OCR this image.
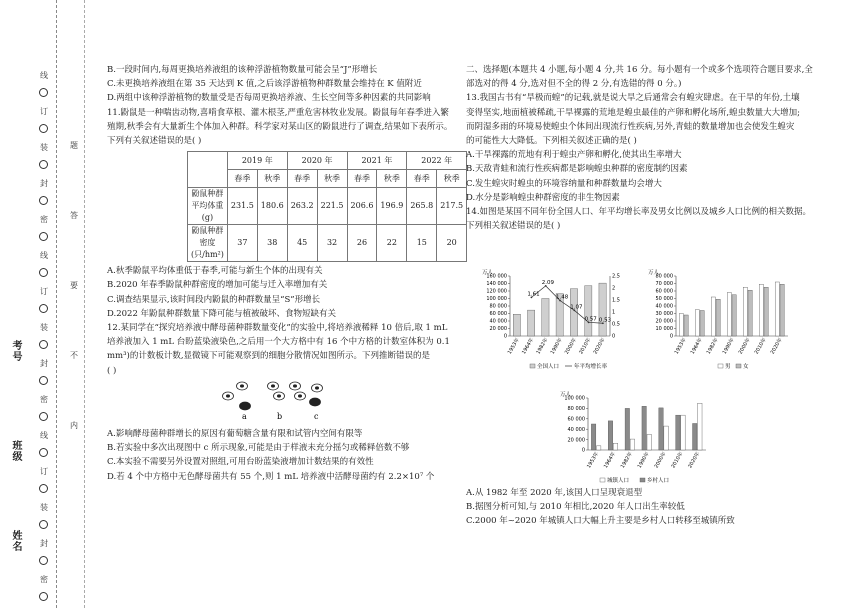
线
订
装
封
密
线
订
装
封
密
线
订
装
封
密
考号
班级
姓名
题
答
要
不
内

B.一段时间内,每周更换培养液组的该种浮游植物数量可能会呈“J”形增长

C.未更换培养液组在第 35 天达到 K 值,之后该浮游植物种群数量会维持在 K 值附近

D.两组中该种浮游植物的数量受是否每周更换培养液、生长空间等多种因素的共同影响

11.鼢鼠是一种喘齿动物,喜啃食草根、灌木根茎,严重危害林牧业发展。鼢鼠每年春季进入繁

殖期,秋季会有大量新生个体加入种群。科学家对某山区的鼢鼠进行了调查,结果如下表所示。

下列有关叙述错误的是( )

	2019 年		2020 年		2021 年		2022 年	
	春季	秋季	春季	秋季	春季	秋季	春季	秋季
鼢鼠种群
平均体重(g)	231.5	180.6	263.2	221.5	206.6	196.9	265.8	217.5
鼢鼠种群
密度(只/hm²)	37	38	45	32	26	22	15	20

A.秋季鼢鼠平均体重低于春季,可能与新生个体的出现有关

B.2020 年春季鼢鼠种群密度的增加可能与迁入率增加有关

C.调查结果显示,该时间段内鼢鼠的种群数量呈“S”形增长

D.2022 年鼢鼠种群数量下降可能与植被破坏、食物短缺有关

12.某同学在“探究培养液中酵母菌种群数量变化”的实验中,将培养液稀释 10 倍后,取 1 mL

培养液加入 1 mL 台盼蓝染液染色,之后用一个大方格中有 16 个中方格的计数室体积为 0.1

mm³)的计数板计数,显微镜下可能观察到的细胞分散情况如图所示。下列推断错误的是

( )

a	b	c

A.影响酵母菌种群增长的原因有葡萄糖含量有限和试管内空间有限等

B.若实验中多次出现图中 c 所示现象,可能是由于样液未充分摇匀或稀释倍数不够

C.本实验不需要另外设置对照组,可用台盼蓝染液增加计数结果的有效性

D.若 4 个中方格中无色酵母菌共有 55 个,则 1 mL 培养液中活酵母菌约有 2.2×10⁷ 个

二、选择题(本题共 4 小题,每小题 4 分,共 16 分。每小题有一个或多个选项符合题目要求,全

部选对的得 4 分,选对但不全的得 2 分,有选错的得 0 分。)

13.我国古书有“旱极而蝗”的记载,就是说大旱之后通常会有蝗灾肆虐。在干旱的年份,土壤

变得坚实,地面植被稀疏,干旱裸露的荒地是蝗虫最佳的产卵和孵化场所,蝗虫数量大大增加;

而阴湿多雨的环境易使蝗虫个体间出现流行性疾病,另外,青蛙的数量增加也会使发生蝗灾

的可能性大大降低。下列相关叙述正确的是( )

A.干旱裸露的荒地有利于蝗虫产卵和孵化,使其出生率增大

B.天敌青蛙和流行性疾病都是影响蝗虫种群的密度制约因素

C.发生蝗灾时蝗虫的环境容纳量和种群数量均会增大

D.水分是影响蝗虫种群密度的非生物因素

14.如图是某国不同年份全国人口、年平均增长率及男女比例以及城乡人口比例的相关数据。

下列相关叙述错误的是( )

A.从 1982 年至 2020 年,该国人口呈现衰退型

B.据图分析可知,与 2010 年相比,2020 年人口出生率较低

C.2000 年~2020 年城镇人口大幅上升主要是乡村人口转移至城镇所致

160 000
140 000
120 000
100 000
80 000
60 000
40 000
20 000
0
万人
1953年 1964年 1982年 1990年 2000年 2010年 2020年
1.61
2.09
1.48
1.07
0.57 0.53
2.5
2
1.5
1
0.5
0
全国人口	年平均增长率
80 000
70 000
60 000
50 000
40 000
30 000
20 000
10 000
0
万人
1953年 1964年 1982年 1990年 2000年 2010年 2020年
男 女
100 000
80 000
60 000
40 000
20 000
0
万人
1953年 1964年 1982年 1990年 2000年 2010年 2020年
城镇人口	乡村人口
